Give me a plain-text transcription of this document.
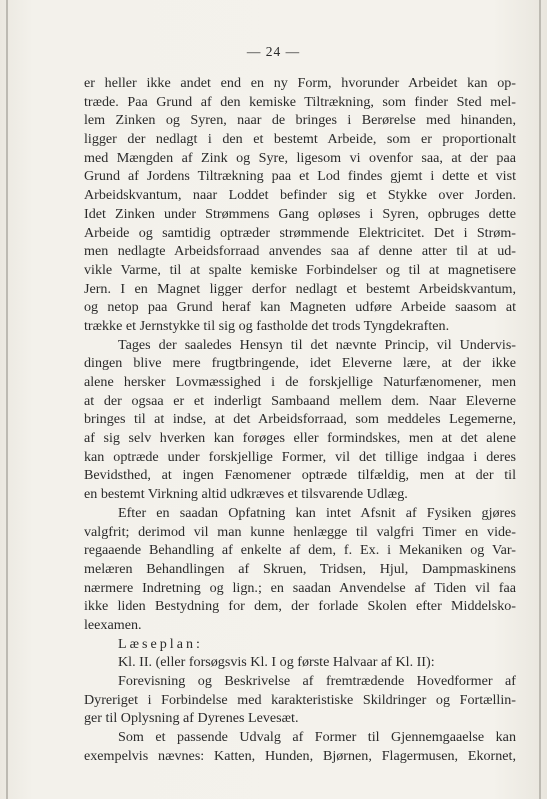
— 24 —
er heller ikke andet end en ny Form, hvorunder Arbeidet kan op-
træde. Paa Grund af den kemiske Tiltrækning, som finder Sted mel-
lem Zinken og Syren, naar de bringes i Berørelse med hinanden,
ligger der nedlagt i den et bestemt Arbeide, som er proportionalt
med Mængden af Zink og Syre, ligesom vi ovenfor saa, at der paa
Grund af Jordens Tiltrækning paa et Lod findes gjemt i dette et vist
Arbeidskvantum, naar Loddet befinder sig et Stykke over Jorden.
Idet Zinken under Strømmens Gang opløses i Syren, opbruges dette
Arbeide og samtidig optræder strømmende Elektricitet. Det i Strøm-
men nedlagte Arbeidsforraad anvendes saa af denne atter til at ud-
vikle Varme, til at spalte kemiske Forbindelser og til at magnetisere
Jern. I en Magnet ligger derfor nedlagt et bestemt Arbeidskvantum,
og netop paa Grund heraf kan Magneten udføre Arbeide saasom at
trække et Jernstykke til sig og fastholde det trods Tyngdekraften.
Tages der saaledes Hensyn til det nævnte Princip, vil Undervis-
dingen blive mere frugtbringende, idet Eleverne lære, at der ikke
alene hersker Lovmæssighed i de forskjellige Naturfænomener, men
at der ogsaa er et inderligt Sambaand mellem dem. Naar Eleverne
bringes til at indse, at det Arbeidsforraad, som meddeles Legemerne,
af sig selv hverken kan forøges eller formindskes, men at det alene
kan optræde under forskjellige Former, vil det tillige indgaa i deres
Bevidsthed, at ingen Fænomener optræde tilfældig, men at der til
en bestemt Virkning altid udkræves et tilsvarende Udlæg.
Efter en saadan Opfatning kan intet Afsnit af Fysiken gjøres
valgfrit; derimod vil man kunne henlægge til valgfri Timer en vide-
regaaende Behandling af enkelte af dem, f. Ex. i Mekaniken og Var-
melæren Behandlingen af Skruen, Tridsen, Hjul, Dampmaskinens
nærmere Indretning og lign.; en saadan Anvendelse af Tiden vil faa
ikke liden Bestydning for dem, der forlade Skolen efter Middelsko-
leexamen.
Læseplan:
Kl. II. (eller forsøgsvis Kl. I og første Halvaar af Kl. II):
Forevisning og Beskrivelse af fremtrædende Hovedformer af
Dyreriget i Forbindelse med karakteristiske Skildringer og Fortællin-
ger til Oplysning af Dyrenes Levesæt.
Som et passende Udvalg af Former til Gjennemgaaelse kan
exempelvis nævnes: Katten, Hunden, Bjørnen, Flagermusen, Ekornet,
